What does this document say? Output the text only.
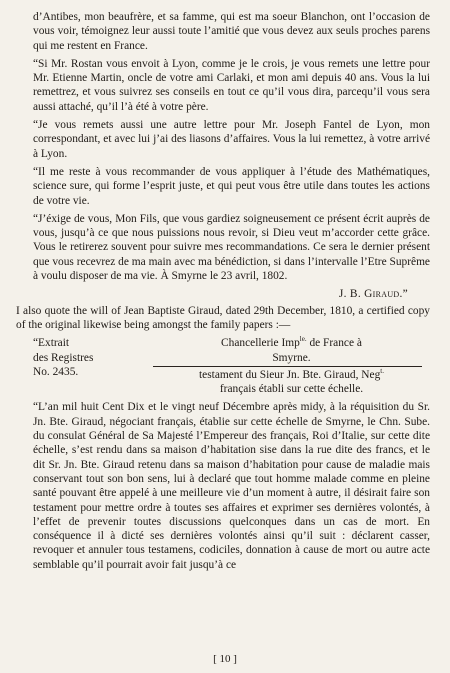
d’Antibes, mon beaufrère, et sa famme, qui est ma soeur Blanchon, ont l’occasion de vous voir, témoignez leur aussi toute l’amitié que vous devez aux seuls proches parens qui me restent en France.

“Si Mr. Rostan vous envoit à Lyon, comme je le crois, je vous remets une lettre pour Mr. Etienne Martin, oncle de votre ami Carlaki, et mon ami depuis 40 ans. Vous la lui remettrez, et vous suivrez ses conseils en tout ce qu’il vous dira, parcequ’il vous sera aussi attaché, qu’il l’à été à votre père.

“Je vous remets aussi une autre lettre pour Mr. Joseph Fantel de Lyon, mon correspondant, et avec lui j’ai des liasons d’affaires. Vous la lui remettez, à votre arrivé à Lyon.

“Il me reste à vous recommander de vous appliquer à l’étude des Mathématiques, science sure, qui forme l’esprit juste, et qui peut vous être utile dans toutes les actions de votre vie.

“J’éxige de vous, Mon Fils, que vous gardiez soigneusement ce présent écrit auprès de vous, jusqu’à ce que nous puissions nous revoir, si Dieu veut m’accorder cette grâce. Vous le retirerez souvent pour suivre mes recommandations. Ce sera le dernier présent que vous recevrez de ma main avec ma bénédiction, si dans l’intervalle l’Etre Suprême à voulu disposer de ma vie. À Smyrne le 23 avril, 1802.

J. B. Giraud.”

I also quote the will of Jean Baptiste Giraud, dated 29th December, 1810, a certified copy of the original likewise being amongst the family papers :—

“Extrait
des Registres
No. 2435.
Chancellerie Imp$^{le.}$ de France à
Smyrne.
testament du Sieur Jn. Bte. Giraud, Neg$^{t.}$
français établi sur cette échelle.

“L’an mil huit Cent Dix et le vingt neuf Décembre après midy, à la réquisition du Sr. Jn. Bte. Giraud, négociant français, établie sur cette échelle de Smyrne, le Chn. Sube. du consulat Général de Sa Majesté l’Empereur des français, Roi d’Italie, sur cette dite échelle, s’est rendu dans sa maison d’habitation sise dans la rue dite des francs, et le dit Sr. Jn. Bte. Giraud retenu dans sa maison d’habitation pour cause de maladie mais conservant tout son bon sens, lui à declaré que tout homme malade comme en pleine santé pouvant être appelé à une meilleure vie d’un moment à autre, il désirait faire son testament pour mettre ordre à toutes ses affaires et exprimer ses dernières volontés, à l’effet de prevenir toutes discussions quelconques dans un cas de mort. En conséquence il à dicté ses dernières volontés ainsi qu’il suit : déclarent casser, revoquer et annuler tous testamens, codiciles, donnation à cause de mort ou autre acte semblable qu’il pourrait avoir fait jusqu’à ce

[ 10 ]
